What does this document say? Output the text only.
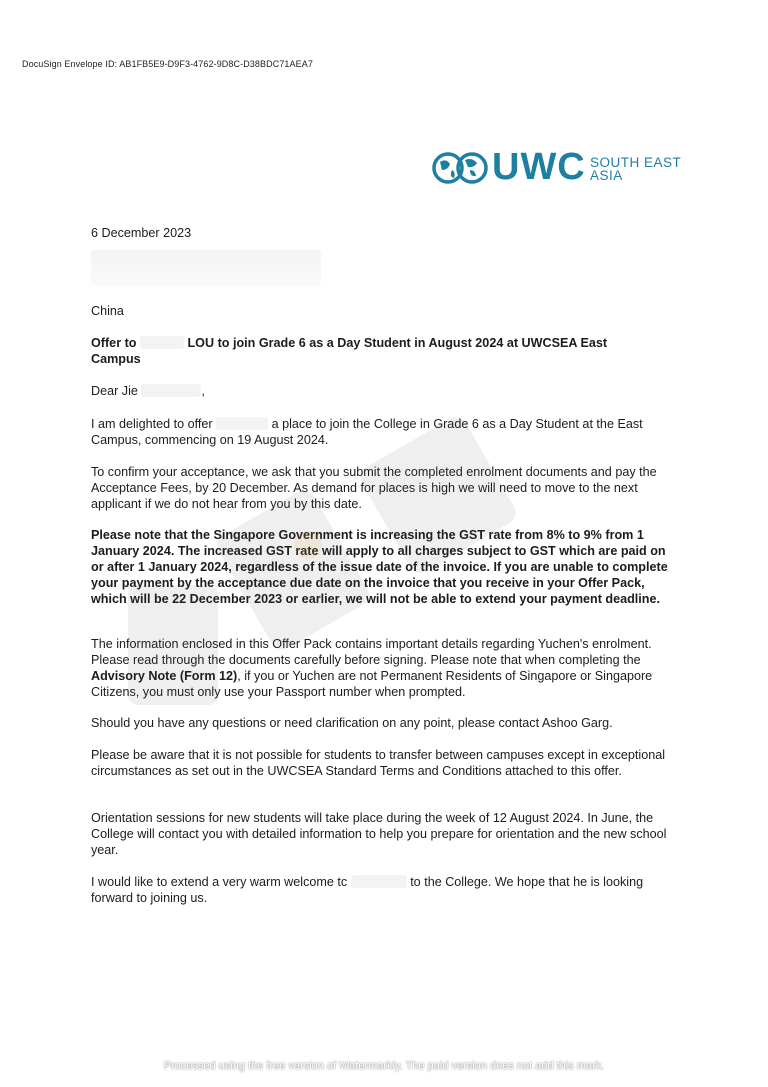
DocuSign Envelope ID: AB1FB5E9-D9F3-4762-9D8C-D38BDC71AEA7
UWC SOUTH EAST
ASIA
6 December 2023
China
Offer to	LOU to join Grade 6 as a Day Student in August 2024 at UWCSEA East
Campus
Dear Jie	,
I am delighted to offer	a place to join the College in Grade 6 as a Day Student at the East Campus, commencing on 19 August 2024.
To confirm your acceptance, we ask that you submit the completed enrolment documents and pay the Acceptance Fees, by 20 December. As demand for places is high we will need to move to the next applicant if we do not hear from you by this date.
Please note that the Singapore Government is increasing the GST rate from 8% to 9% from 1 January 2024. The increased GST rate will apply to all charges subject to GST which are paid on or after 1 January 2024, regardless of the issue date of the invoice. If you are unable to complete your payment by the acceptance due date on the invoice that you receive in your Offer Pack, which will be 22 December 2023 or earlier, we will not be able to extend your payment deadline.
The information enclosed in this Offer Pack contains important details regarding Yuchen's enrolment. Please read through the documents carefully before signing. Please note that when completing the Advisory Note (Form 12), if you or Yuchen are not Permanent Residents of Singapore or Singapore Citizens, you must only use your Passport number when prompted.
Should you have any questions or need clarification on any point, please contact Ashoo Garg.
Please be aware that it is not possible for students to transfer between campuses except in exceptional circumstances as set out in the UWCSEA Standard Terms and Conditions attached to this offer.
Orientation sessions for new students will take place during the week of 12 August 2024. In June, the College will contact you with detailed information to help you prepare for orientation and the new school year.
I would like to extend a very warm welcome tc	to the College. We hope that he is looking forward to joining us.
Processed using the free version of Watermarkly. The paid version does not add this mark.
